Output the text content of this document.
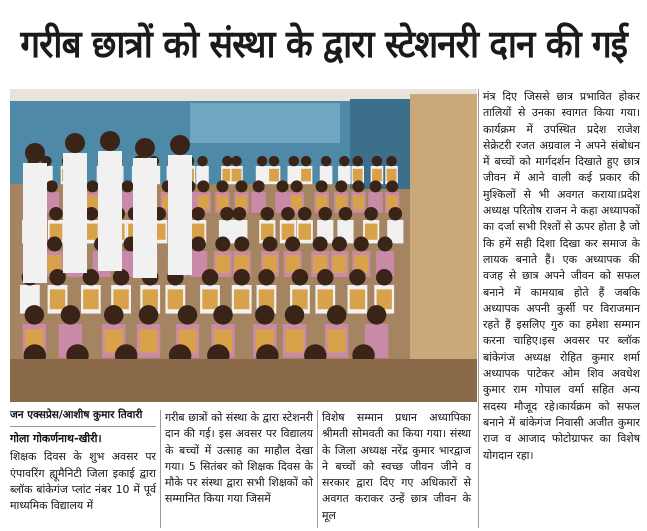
गरीब छात्रों को संस्था के द्वारा स्टेशनरी दान की गई
जन एक्सप्रेस/आशीष कुमार तिवारी
गोला गोकर्णनाथ-खीरी।

शिक्षक दिवस के शुभ अवसर पर एंपावरिंग ह्यूमैनिटी जिला इकाई द्वारा ब्लॉक बांकेगंज प्लांट नंबर 10 में पूर्व माध्यमिक विद्यालय में

गरीब छात्रों को संस्था के द्वारा स्टेशनरी दान की गई। इस अवसर पर विद्यालय के बच्चों में उत्साह का माहौल देखा गया। 5 सितंबर को शिक्षक दिवस के मौके पर संस्था द्वारा सभी शिक्षकों को सम्मानित किया गया जिसमें

विशेष सम्मान प्रधान अध्यापिका श्रीमती सोमवती का किया गया। संस्था के जिला अध्यक्ष नरेंद्र कुमार भारद्वाज ने बच्चों को स्वच्छ जीवन जीने व सरकार द्वारा दिए गए अधिकारों से अवगत कराकर उन्हें छात्र जीवन के मूल

मंत्र दिए जिससे छात्र प्रभावित होकर तालियों से उनका स्वागत किया गया। कार्यक्रम में उपस्थित प्रदेश राजेश सेक्रेटरी रजत अग्रवाल ने अपने संबोधन में बच्चों को मार्गदर्शन दिखाते हुए छात्र जीवन में आने वाली कई प्रकार की मुश्किलों से भी अवगत कराया।प्रदेश अध्यक्ष परितोष राजन ने कहा अध्यापकों का दर्जा सभी रिश्तों से ऊपर होता है जो कि हमें सही दिशा दिखा कर समाज के लायक बनाते हैं। एक अध्यापक की वजह से छात्र अपने जीवन को सफल बनाने में कामयाब होते हैं जबकि अध्यापक अपनी कुर्सी पर विराजमान रहते हैं इसलिए गुरु का हमेशा सम्मान करना चाहिए।इस अवसर पर ब्लॉक बांकेगंज अध्यक्ष रोहित कुमार शर्मा अध्यापक पाटेकर ओम शिव अवधेश कुमार राम गोपाल वर्मा सहित अन्य सदस्य मौजूद रहे।कार्यक्रम को सफल बनाने में बांकेगंज निवासी अजीत कुमार राज व आजाद फोटोग्राफर का विशेष योगदान रहा।
